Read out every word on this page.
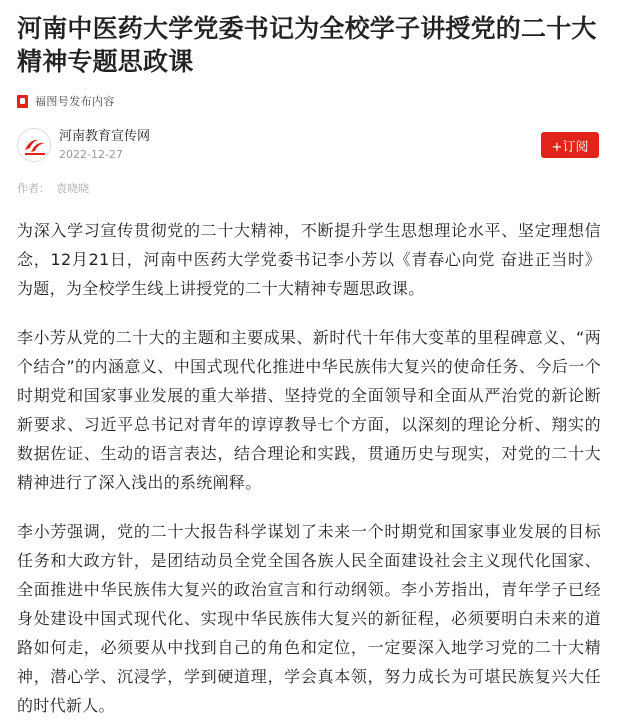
河南中医药大学党委书记为全校学子讲授党的二十大精神专题思政课
福图号发布内容
河南教育宣传网
2022-12-27	+订阅
作者： 袁晓晓

为深入学习宣传贯彻党的二十大精神，不断提升学生思想理论水平、坚定理想信念，12月21日，河南中医药大学党委书记李小芳以《青春心向党 奋进正当时》为题，为全校学生线上讲授党的二十大精神专题思政课。

李小芳从党的二十大的主题和主要成果、新时代十年伟大变革的里程碑意义、“两个结合”的内涵意义、中国式现代化推进中华民族伟大复兴的使命任务、今后一个时期党和国家事业发展的重大举措、坚持党的全面领导和全面从严治党的新论断新要求、习近平总书记对青年的谆谆教导七个方面，以深刻的理论分析、翔实的数据佐证、生动的语言表达，结合理论和实践，贯通历史与现实，对党的二十大精神进行了深入浅出的系统阐释。

李小芳强调，党的二十大报告科学谋划了未来一个时期党和国家事业发展的目标任务和大政方针，是团结动员全党全国各族人民全面建设社会主义现代化国家、全面推进中华民族伟大复兴的政治宣言和行动纲领。李小芳指出，青年学子已经身处建设中国式现代化、实现中华民族伟大复兴的新征程，必须要明白未来的道路如何走，必须要从中找到自己的角色和定位，一定要深入地学习党的二十大精神，潜心学、沉浸学，学到硬道理，学会真本领，努力成长为可堪民族复兴大任的时代新人。
